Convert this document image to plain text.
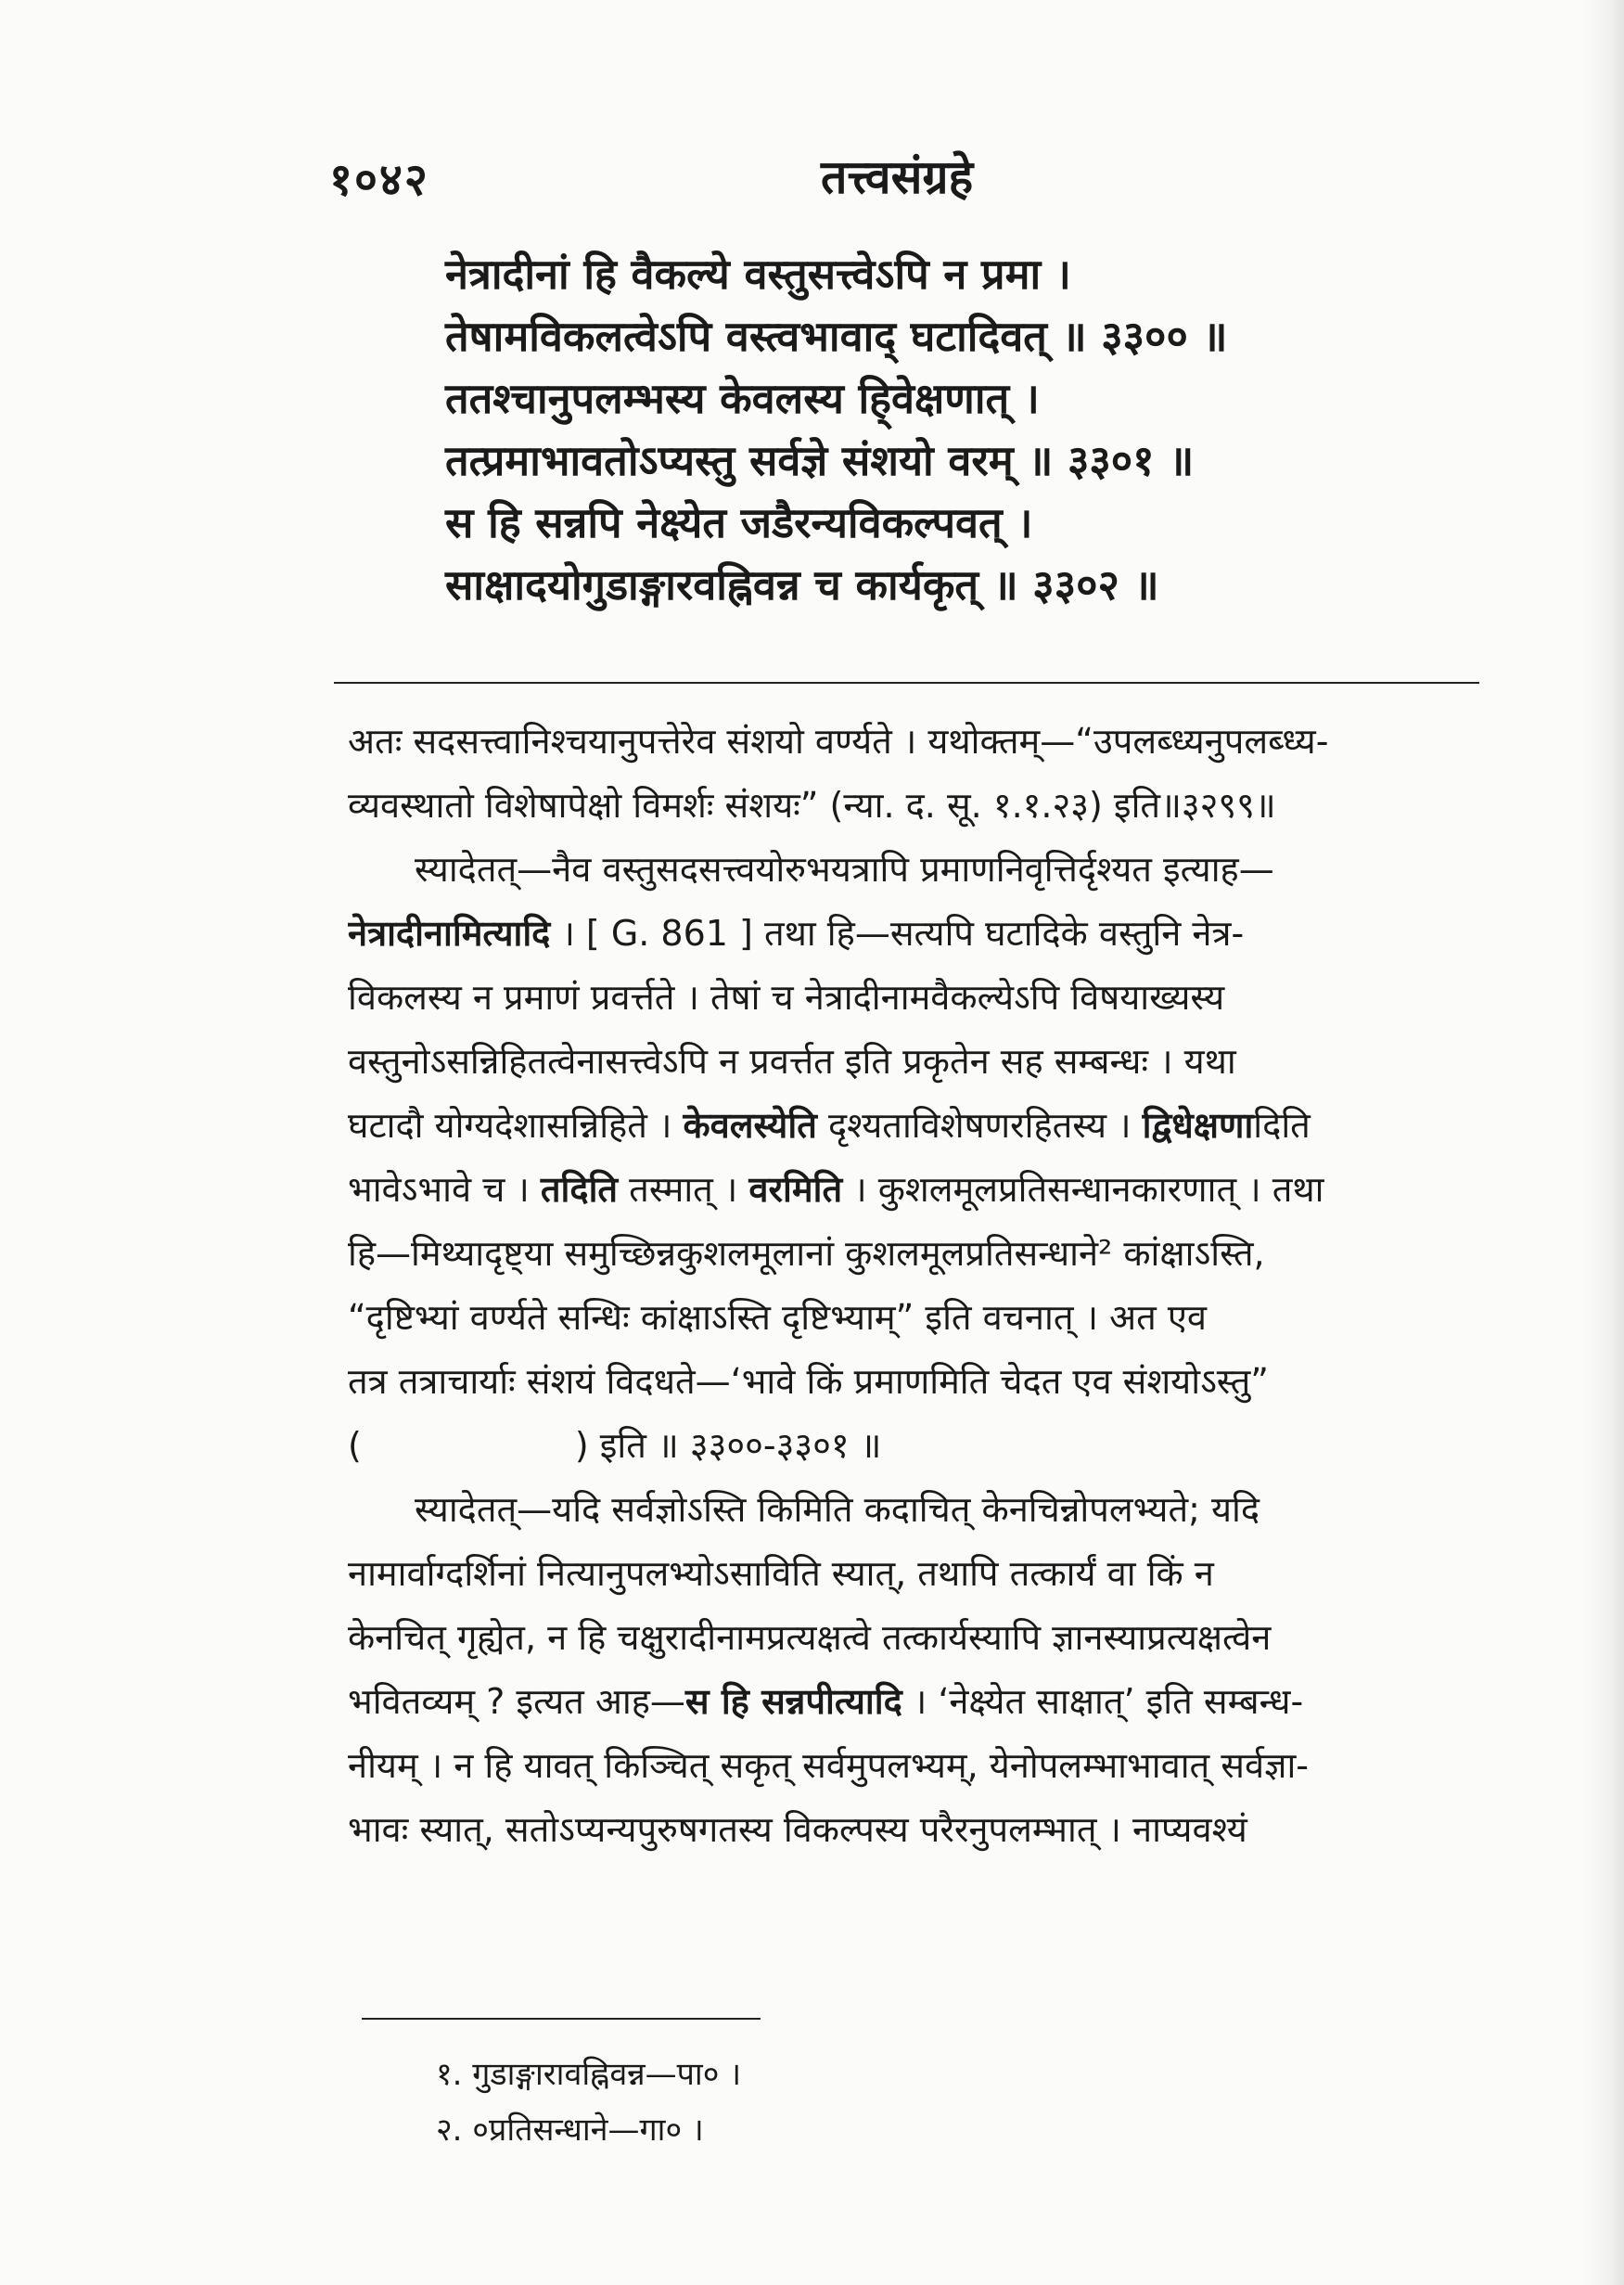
१०४२	तत्त्वसंग्रहे
नेत्रादीनां हि वैकल्ये वस्तुसत्त्वेऽपि न प्रमा ।
तेषामविकलत्वेऽपि वस्त्वभावाद् घटादिवत् ॥ ३३०० ॥
ततश्चानुपलम्भस्य केवलस्य हि्वेक्षणात् ।
तत्प्रमाभावतोऽप्यस्तु सर्वज्ञे संशयो वरम् ॥ ३३०१ ॥
स हि सन्नपि नेक्ष्येत जडैरन्यविकल्पवत् ।
साक्षादयोगुडाङ्गारवह्निवन्न च कार्यकृत् ॥ ३३०२ ॥
अतः सदसत्त्वानिश्चयानुपत्तेरेव संशयो वर्ण्यते । यथोक्तम्—“उपलब्ध्यनुपलब्ध्य-
व्यवस्थातो विशेषापेक्षो विमर्शः संशयः” (न्या. द. सू. १.१.२३) इति॥३२९९॥
स्यादेतत्—नैव वस्तुसदसत्त्वयोरुभयत्रापि प्रमाणनिवृत्तिर्दृश्यत इत्याह—
नेत्रादीनामित्यादि । [ G. 861 ] तथा हि—सत्यपि घटादिके वस्तुनि नेत्र-
विकलस्य न प्रमाणं प्रवर्त्तते । तेषां च नेत्रादीनामवैकल्येऽपि विषयाख्यस्य
वस्तुनोऽसन्निहितत्वेनासत्त्वेऽपि न प्रवर्त्तत इति प्रकृतेन सह सम्बन्धः । यथा
घटादौ योग्यदेशासन्निहिते । केवलस्येति दृश्यताविशेषणरहितस्य । द्विधेक्षणादिति
भावेऽभावे च । तदिति तस्मात् । वरमिति । कुशलमूलप्रतिसन्धानकारणात् । तथा
हि—मिथ्यादृष्ट्या समुच्छिन्नकुशलमूलानां कुशलमूलप्रतिसन्धाने² कांक्षाऽस्ति,
“दृष्टिभ्यां वर्ण्यते सन्धिः कांक्षाऽस्ति दृष्टिभ्याम्” इति वचनात् । अत एव
तत्र तत्राचार्याः संशयं विदधते—‘भावे किं प्रमाणमिति चेदत एव संशयोऽस्तु”
(	) इति ॥ ३३००-३३०१ ॥
स्यादेतत्—यदि सर्वज्ञोऽस्ति किमिति कदाचित् केनचिन्नोपलभ्यते; यदि
नामार्वाग्दर्शिनां नित्यानुपलभ्योऽसाविति स्यात्, तथापि तत्कार्यं वा किं न
केनचित् गृह्येत, न हि चक्षुरादीनामप्रत्यक्षत्वे तत्कार्यस्यापि ज्ञानस्याप्रत्यक्षत्वेन
भवितव्यम् ? इत्यत आह—स हि सन्नपीत्यादि । ‘नेक्ष्येत साक्षात्’ इति सम्बन्ध-
नीयम् । न हि यावत् किञ्चित् सकृत् सर्वमुपलभ्यम्, येनोपलम्भाभावात् सर्वज्ञा-
भावः स्यात्, सतोऽप्यन्यपुरुषगतस्य विकल्पस्य परैरनुपलम्भात् । नाप्यवश्यं
१. गुडाङ्गारावह्निवन्न—पा० ।
२. ०प्रतिसन्धाने—गा० ।
